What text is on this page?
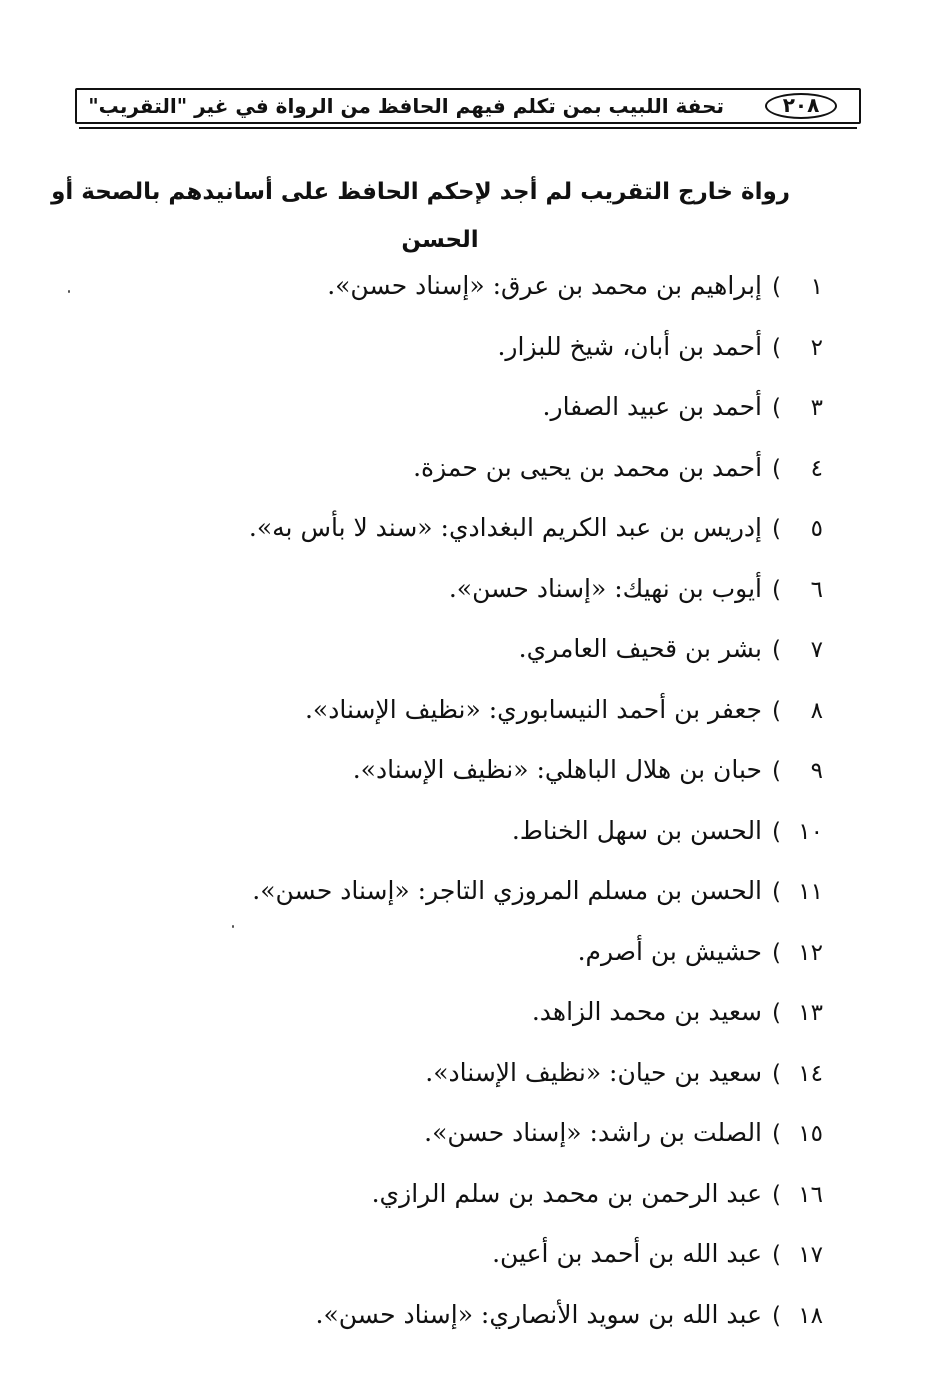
٢٠٨
تحفة اللبيب بمن تكلم فيهم الحافظ من الرواة في غير "التقريب"
رواة خارج التقريب لم أجد لإحكم الحافظ على أسانيدهم بالصحة أو
الحسن
١)إبراهيم بن محمد بن عرق: «إسناد حسن».
٢)أحمد بن أبان، شيخ للبزار.
٣)أحمد بن عبيد الصفار.
٤)أحمد بن محمد بن يحيى بن حمزة.
٥)إدريس بن عبد الكريم البغدادي: «سند لا بأس به».
٦)أيوب بن نهيك: «إسناد حسن».
٧)بشر بن قحيف العامري.
٨)جعفر بن أحمد النيسابوري: «نظيف الإسناد».
٩)حبان بن هلال الباهلي: «نظيف الإسناد».
١٠)الحسن بن سهل الخناط.
١١)الحسن بن مسلم المروزي التاجر: «إسناد حسن».
١٢)حشيش بن أصرم.
١٣)سعيد بن محمد الزاهد.
١٤)سعيد بن حيان: «نظيف الإسناد».
١٥)الصلت بن راشد: «إسناد حسن».
١٦)عبد الرحمن بن محمد بن سلم الرازي.
١٧)عبد الله بن أحمد بن أعين.
١٨)عبد الله بن سويد الأنصاري: «إسناد حسن».
